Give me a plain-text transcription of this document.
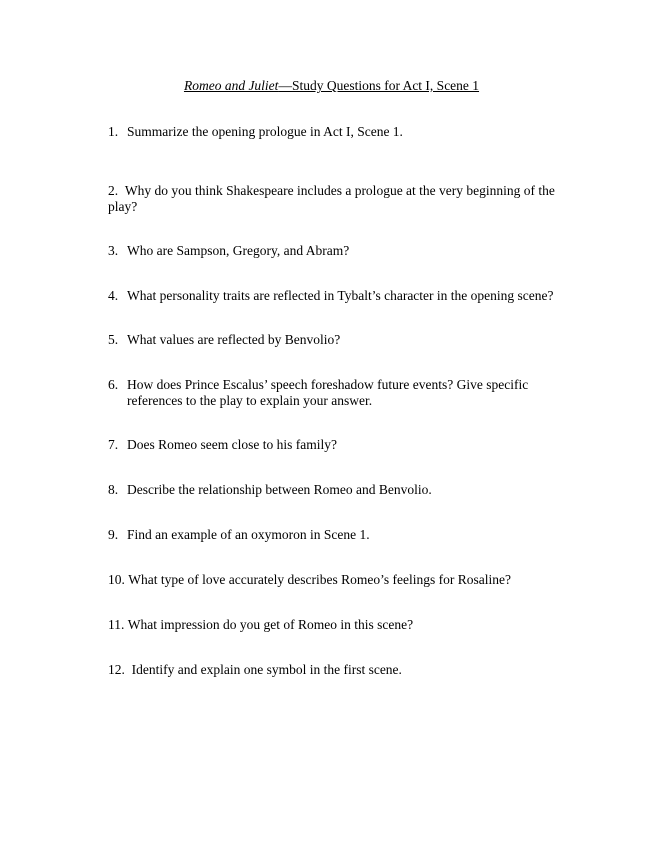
Romeo and Juliet—Study Questions for Act I, Scene 1
1. Summarize the opening prologue in Act I, Scene 1.
2. Why do you think Shakespeare includes a prologue at the very beginning of the
play?
3. Who are Sampson, Gregory, and Abram?
4. What personality traits are reflected in Tybalt’s character in the opening scene?
5. What values are reflected by Benvolio?
6. How does Prince Escalus’ speech foreshadow future events? Give specific
references to the play to explain your answer.
7. Does Romeo seem close to his family?
8. Describe the relationship between Romeo and Benvolio.
9. Find an example of an oxymoron in Scene 1.
10. What type of love accurately describes Romeo’s feelings for Rosaline?
11. What impression do you get of Romeo in this scene?
12. Identify and explain one symbol in the first scene.
